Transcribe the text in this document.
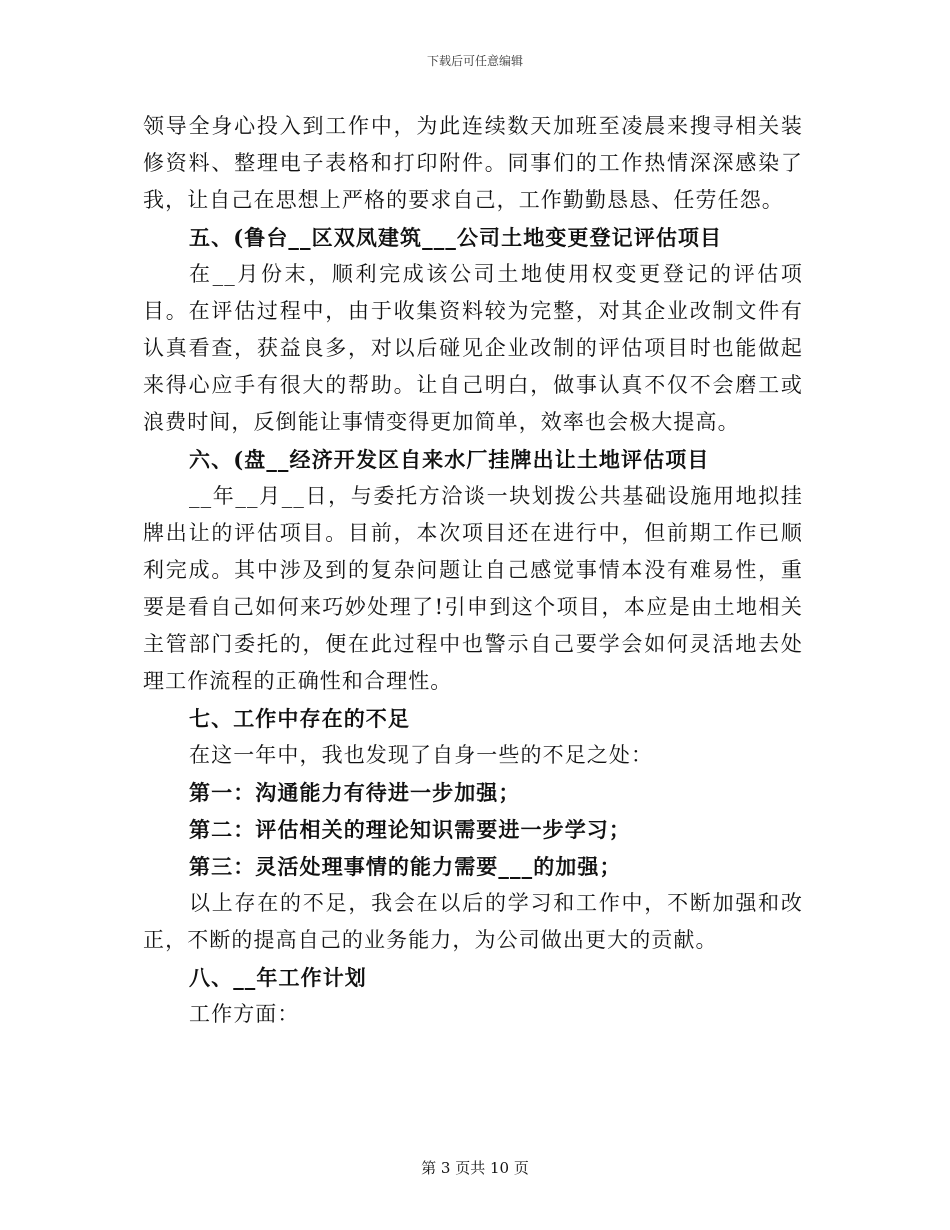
下载后可任意编辑

领导全身心投入到工作中，为此连续数天加班至凌晨来搜寻相关装修资料、整理电子表格和打印附件。同事们的工作热情深深感染了我，让自己在思想上严格的要求自己，工作勤勤恳恳、任劳任怨。

五、(鲁台__区双凤建筑___公司土地变更登记评估项目

在__月份末，顺利完成该公司土地使用权变更登记的评估项目。在评估过程中，由于收集资料较为完整，对其企业改制文件有认真看查，获益良多，对以后碰见企业改制的评估项目时也能做起来得心应手有很大的帮助。让自己明白，做事认真不仅不会磨工或浪费时间，反倒能让事情变得更加简单，效率也会极大提高。

六、(盘__经济开发区自来水厂挂牌出让土地评估项目

__年__月__日，与委托方洽谈一块划拨公共基础设施用地拟挂牌出让的评估项目。目前，本次项目还在进行中，但前期工作已顺利完成。其中涉及到的复杂问题让自己感觉事情本没有难易性，重要是看自己如何来巧妙处理了!引申到这个项目，本应是由土地相关主管部门委托的，便在此过程中也警示自己要学会如何灵活地去处理工作流程的正确性和合理性。

七、工作中存在的不足

在这一年中，我也发现了自身一些的不足之处：

第一：沟通能力有待进一步加强；

第二：评估相关的理论知识需要进一步学习；

第三：灵活处理事情的能力需要___的加强；

以上存在的不足，我会在以后的学习和工作中，不断加强和改正，不断的提高自己的业务能力，为公司做出更大的贡献。

八、__年工作计划

工作方面：

第 3 页共 10 页
